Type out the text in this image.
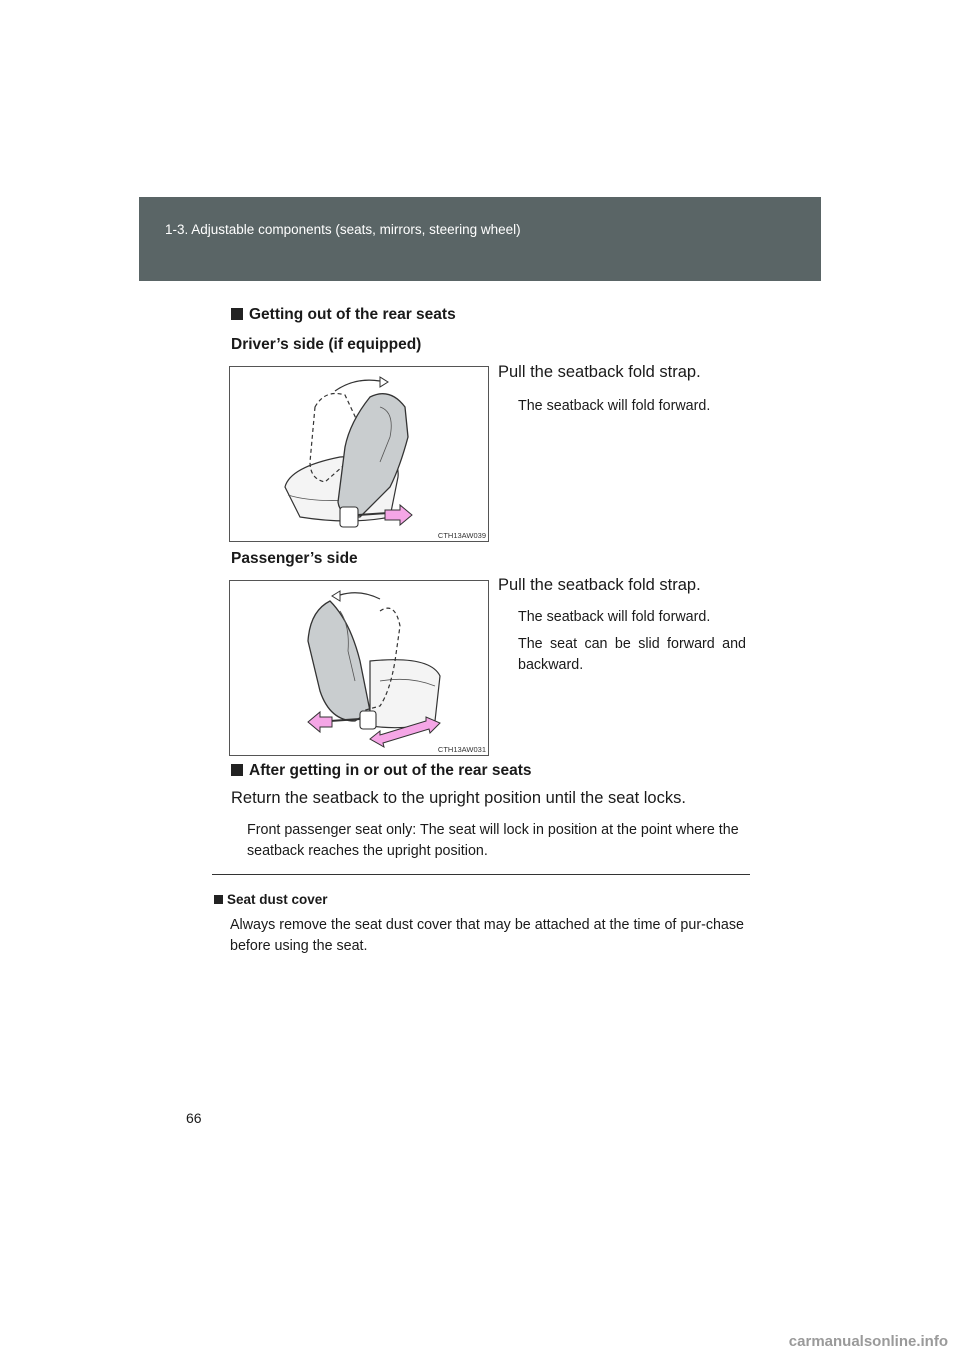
1-3. Adjustable components (seats, mirrors, steering wheel)
Getting out of the rear seats
Driver’s side (if equipped)
CTH13AW039
Pull the seatback fold strap.
The seatback will fold forward.
Passenger’s side
CTH13AW031
Pull the seatback fold strap.
The seatback will fold forward.
The seat can be slid forward and backward.
After getting in or out of the rear seats
Return the seatback to the upright position until the seat locks.
Front passenger seat only: The seat will lock in position at the point where the seatback reaches the upright position.
Seat dust cover
Always remove the seat dust cover that may be attached at the time of pur-chase before using the seat.
66
carmanualsonline.info
